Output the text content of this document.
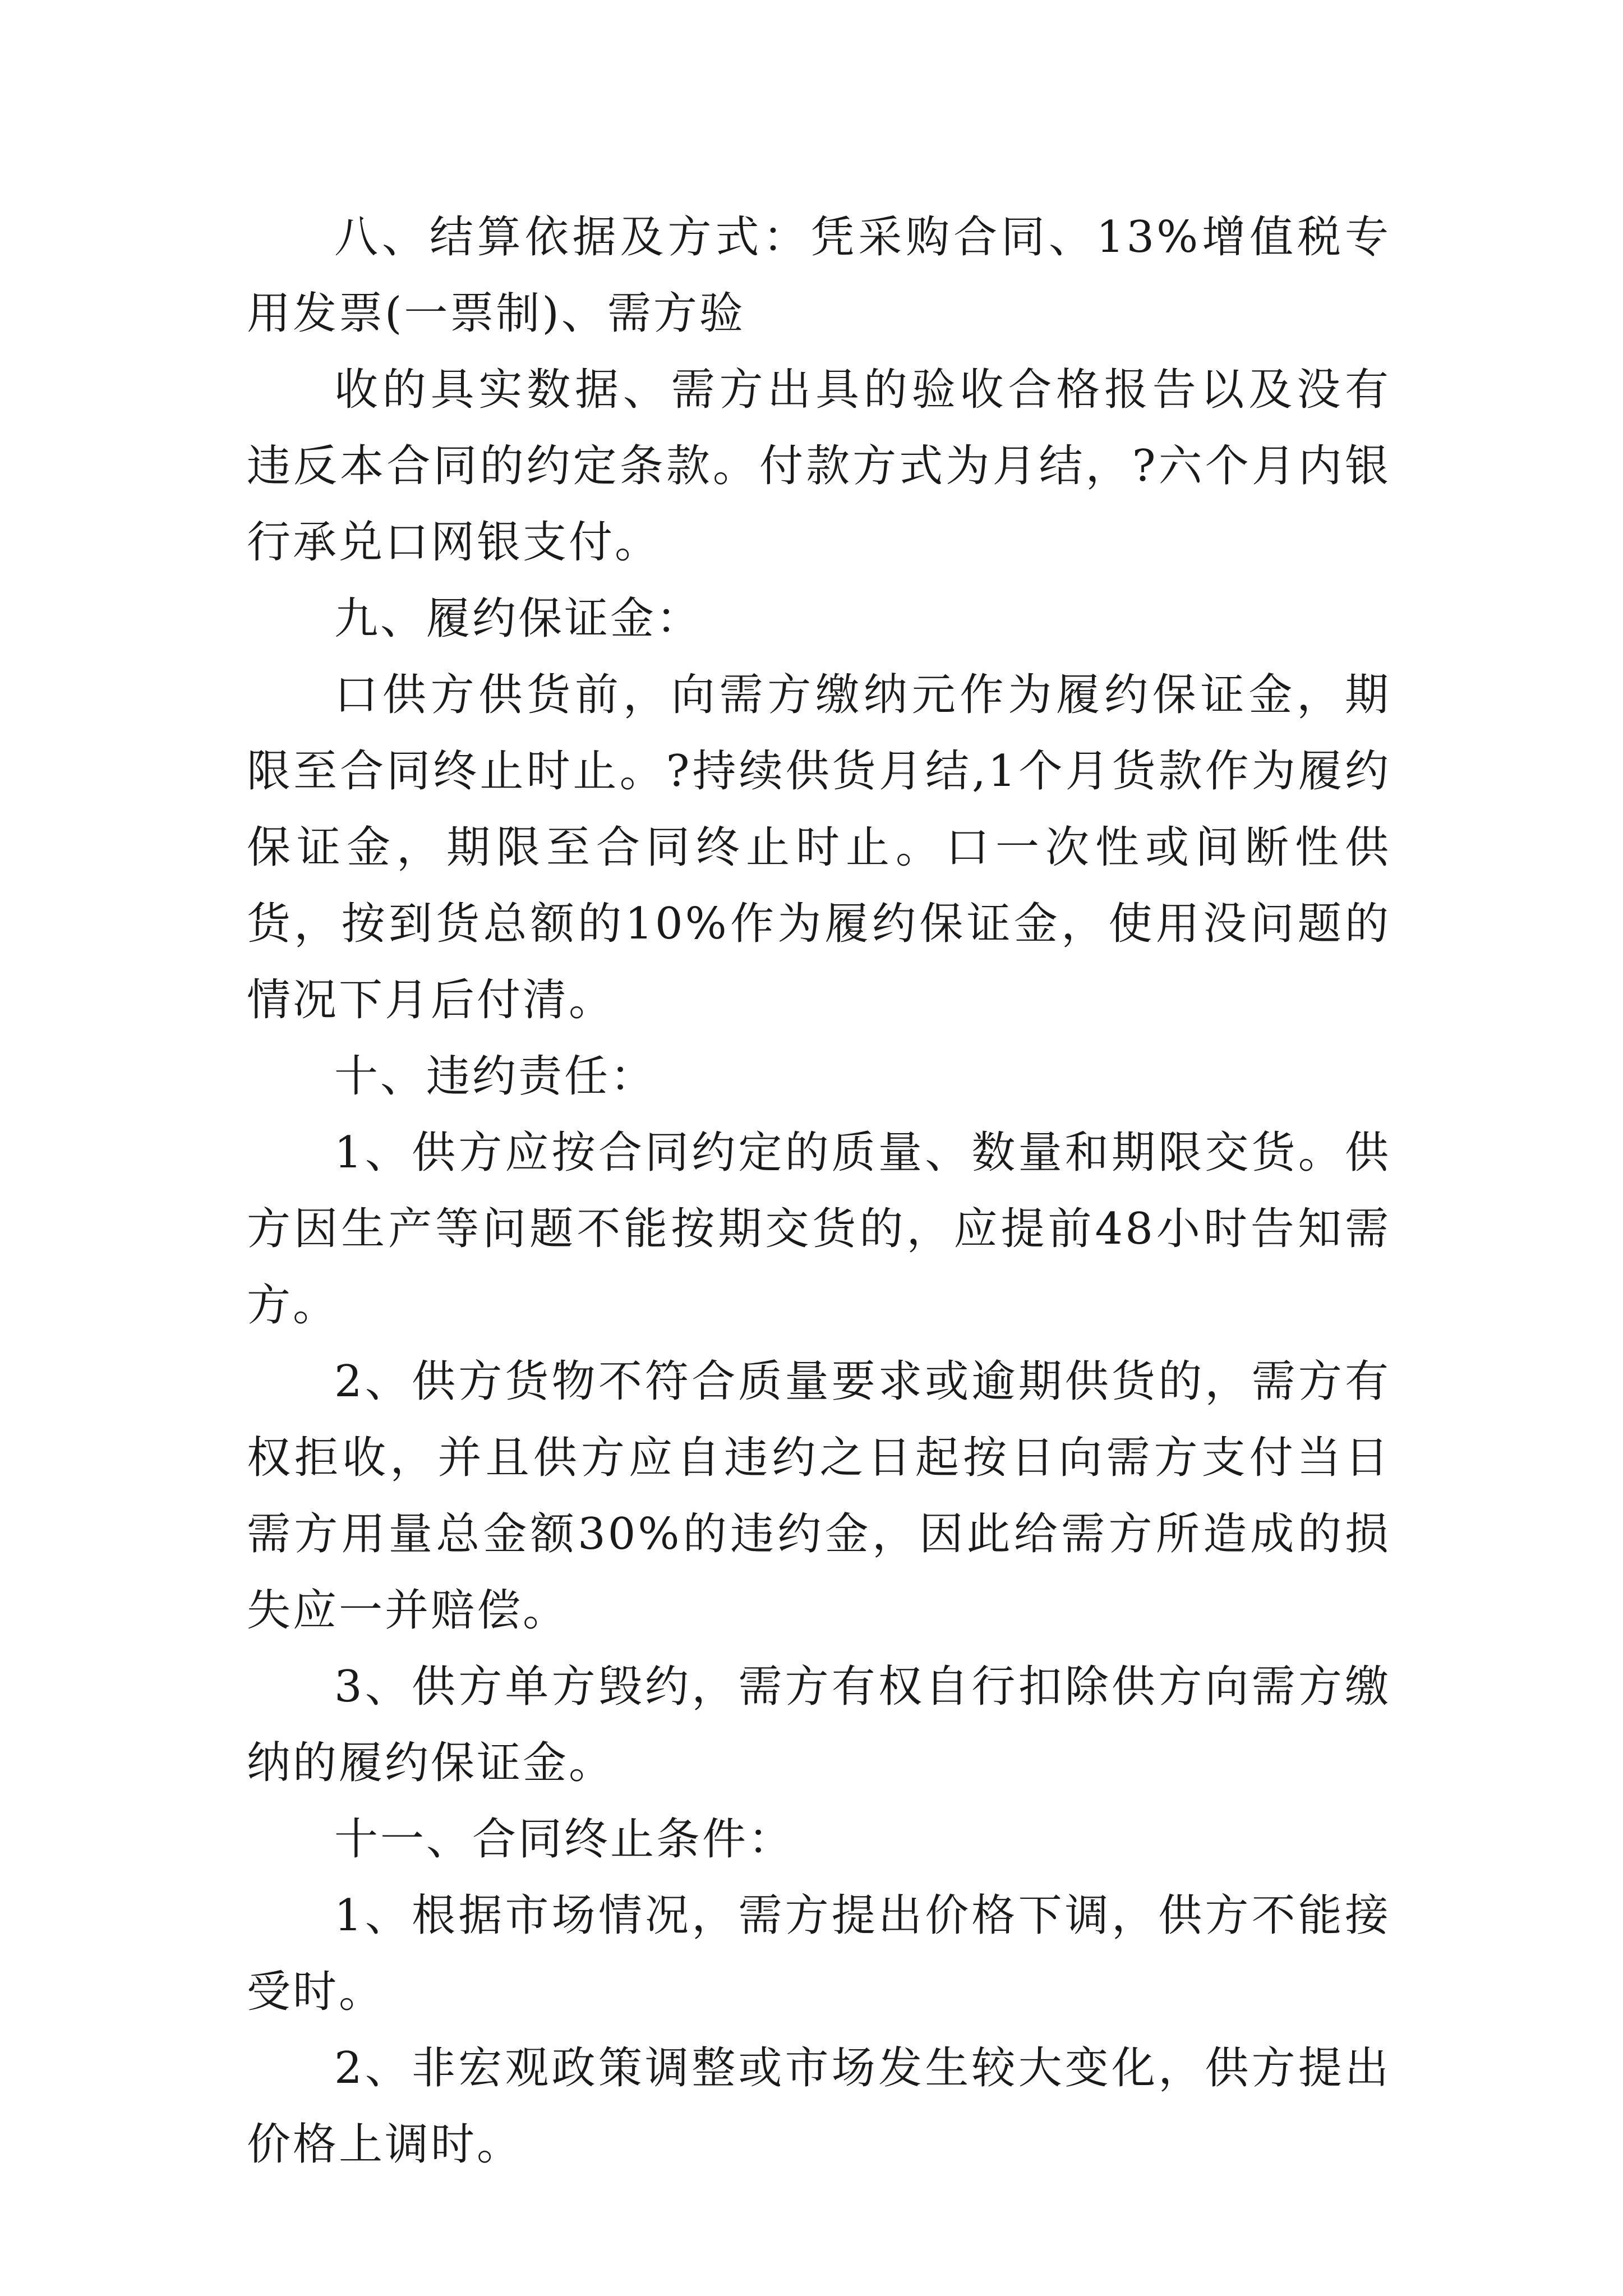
八、结算依据及方式：凭采购合同、13%增值税专用发票(一票制)、需方验

收的具实数据、需方出具的验收合格报告以及没有违反本合同的约定条款。付款方式为月结，?六个月内银行承兑口网银支付。

九、履约保证金：

口供方供货前，向需方缴纳元作为履约保证金，期限至合同终止时止。?持续供货月结,1个月货款作为履约保证金，期限至合同终止时止。口一次性或间断性供货，按到货总额的10%作为履约保证金，使用没问题的情况下月后付清。

十、违约责任：

1、供方应按合同约定的质量、数量和期限交货。供方因生产等问题不能按期交货的，应提前48小时告知需方。

2、供方货物不符合质量要求或逾期供货的，需方有权拒收，并且供方应自违约之日起按日向需方支付当日需方用量总金额30%的违约金，因此给需方所造成的损失应一并赔偿。

3、供方单方毁约，需方有权自行扣除供方向需方缴纳的履约保证金。

十一、合同终止条件：

1、根据市场情况，需方提出价格下调，供方不能接受时。

2、非宏观政策调整或市场发生较大变化，供方提出价格上调时。
